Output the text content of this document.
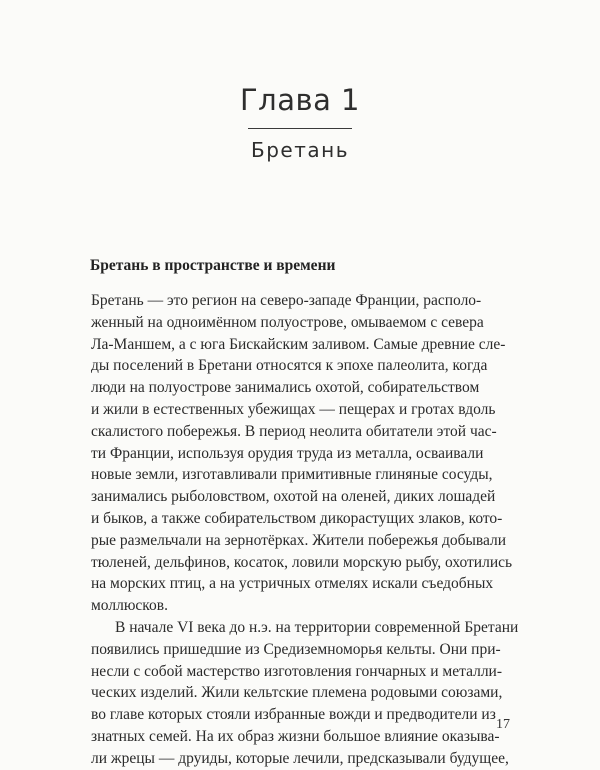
Глава 1
Бретань
Бретань в пространстве и времени
Бретань — это регион на северо-западе Франции, располо-
женный на одноимённом полуострове, омываемом с севера
Ла-Маншем, а с юга Бискайским заливом. Самые древние сле-
ды поселений в Бретани относятся к эпохе палеолита, когда
люди на полуострове занимались охотой, собирательством
и жили в естественных убежищах — пещерах и гротах вдоль
скалистого побережья. В период неолита обитатели этой час-
ти Франции, используя орудия труда из металла, осваивали
новые земли, изготавливали примитивные глиняные сосуды,
занимались рыболовством, охотой на оленей, диких лошадей
и быков, а также собирательством дикорастущих злаков, кото-
рые размельчали на зернотёрках. Жители побережья добывали
тюленей, дельфинов, косаток, ловили морскую рыбу, охотились
на морских птиц, а на устричных отмелях искали съедобных
моллюсков.
В начале VI века до н.э. на территории современной Бретани
появились пришедшие из Средиземноморья кельты. Они при-
несли с собой мастерство изготовления гончарных и металли-
ческих изделий. Жили кельтские племена родовыми союзами,
во главе которых стояли избранные вожди и предводители из
знатных семей. На их образ жизни большое влияние оказыва-
ли жрецы — друиды, которые лечили, предсказывали будущее,
17
